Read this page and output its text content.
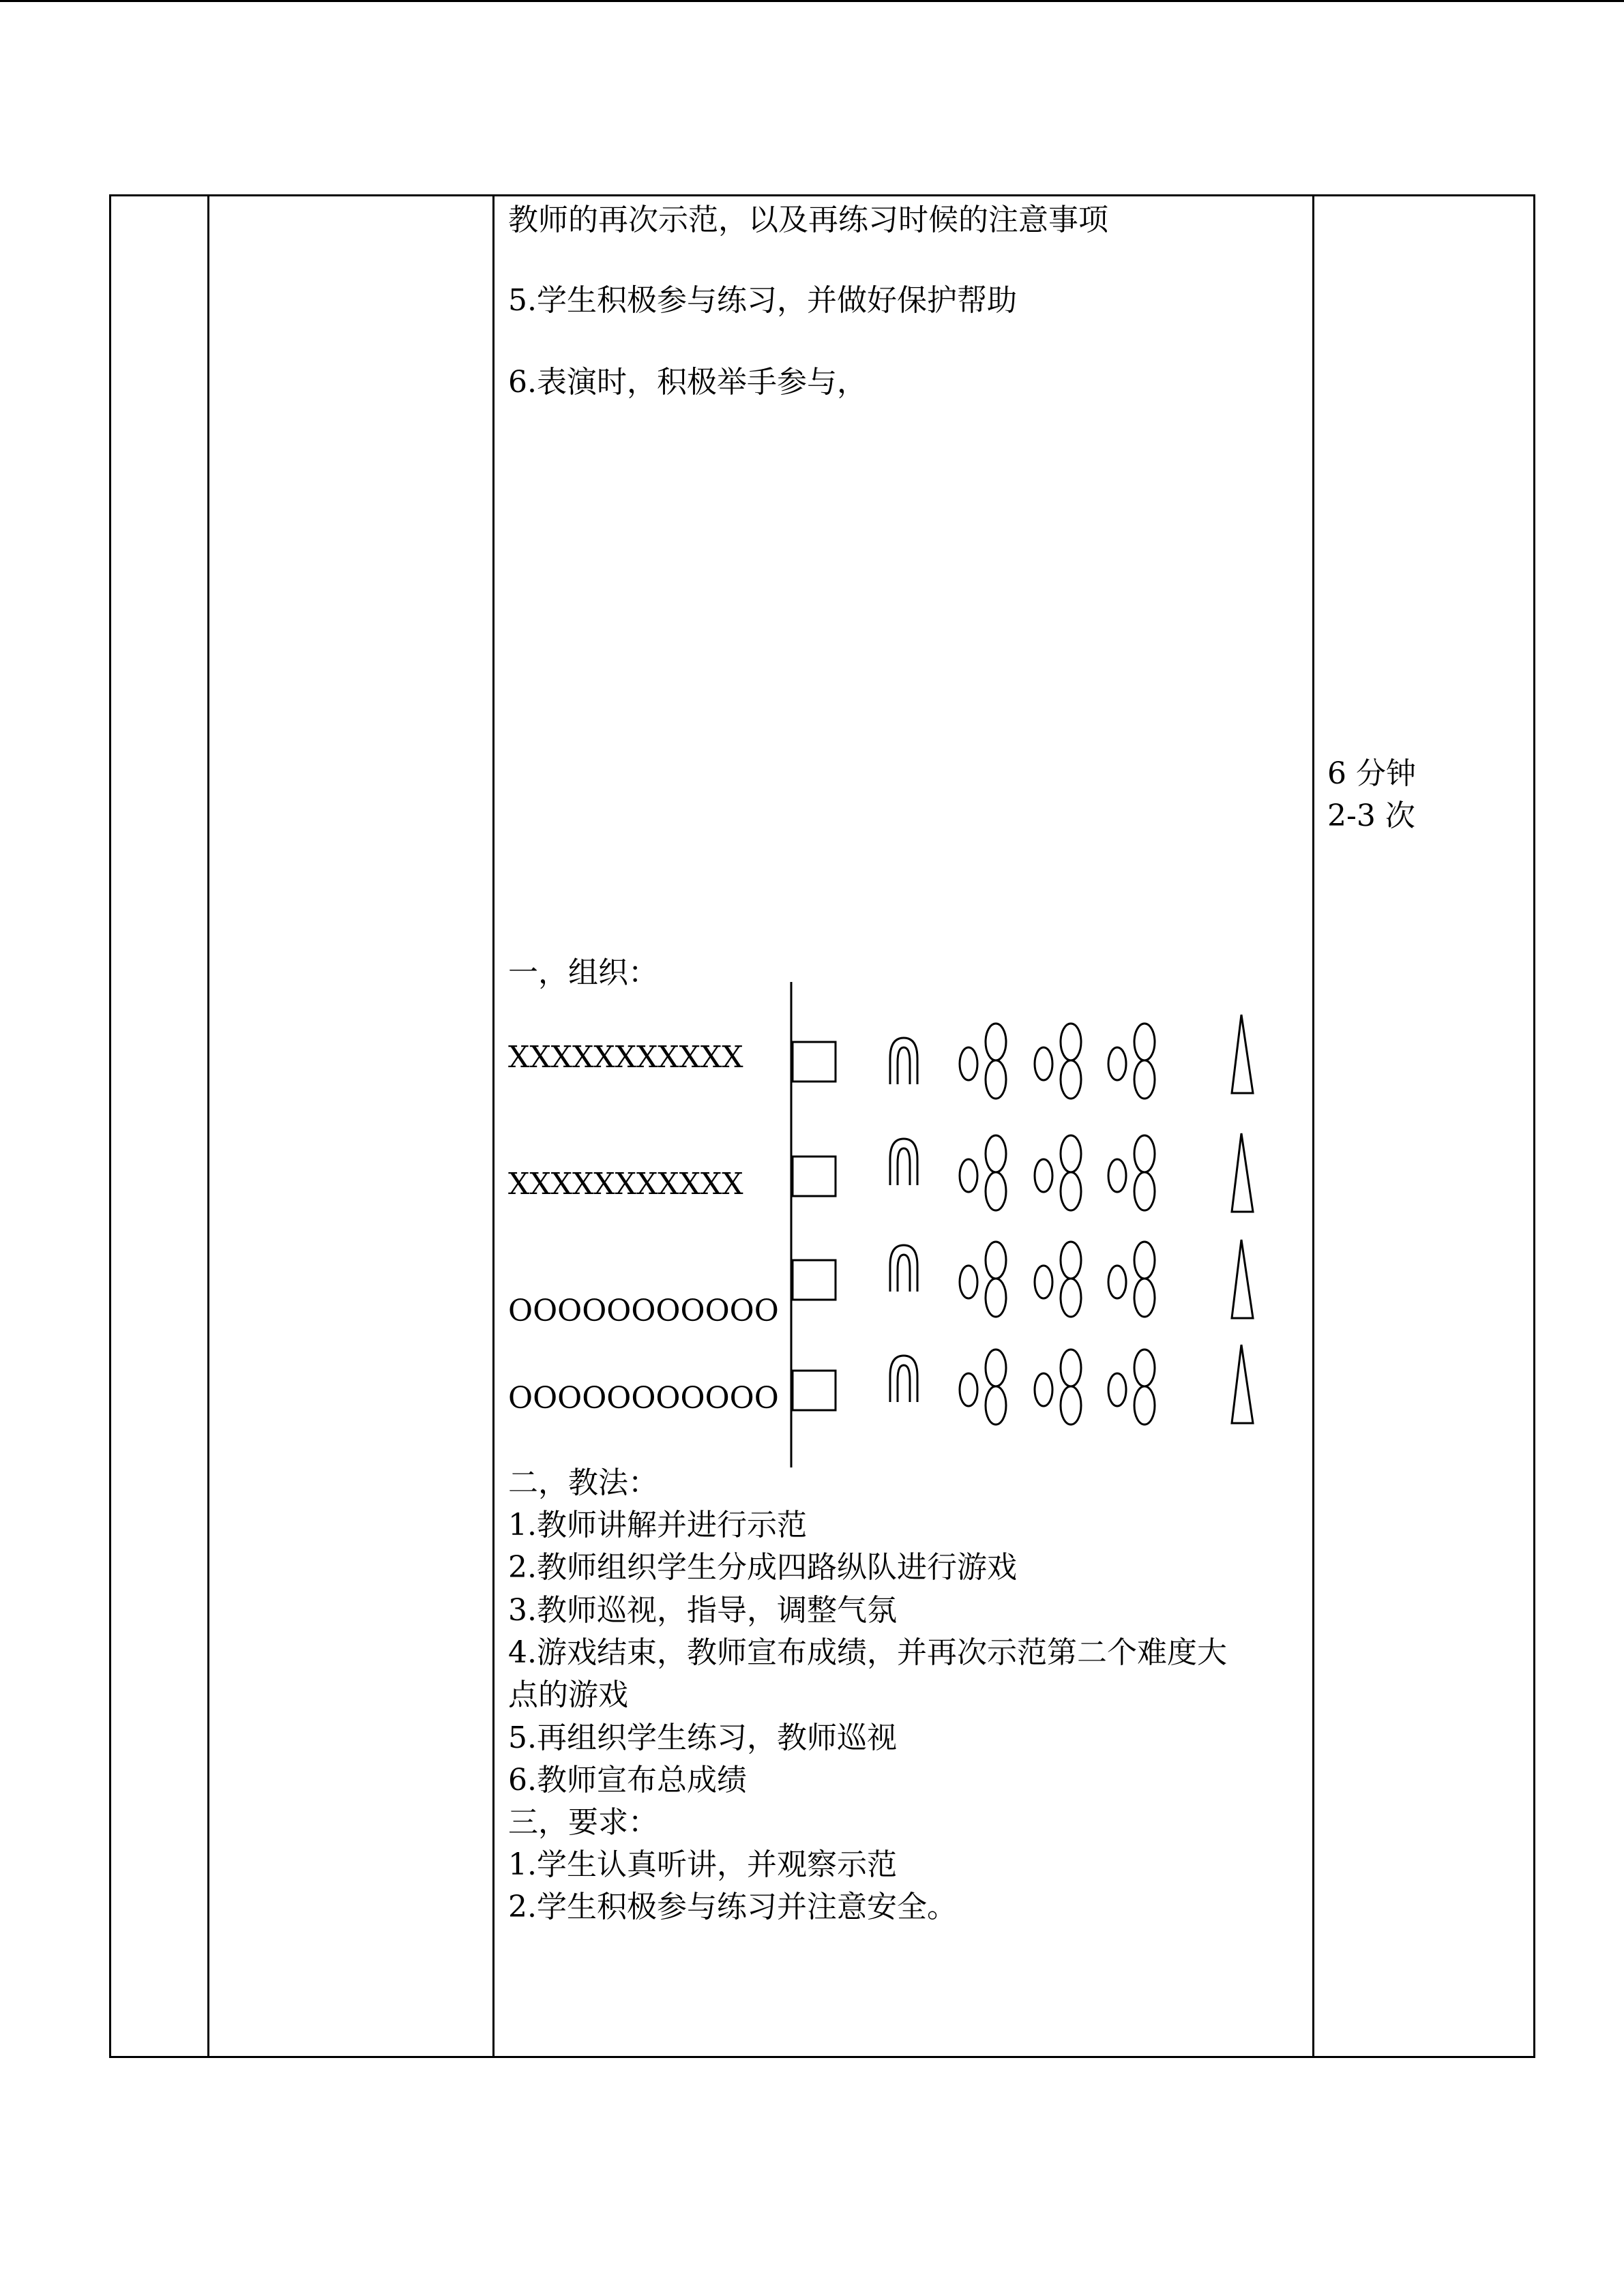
教师的再次示范，以及再练习时候的注意事项
5.学生积极参与练习，并做好保护帮助
6.表演时，积极举手参与，
6 分钟
2-3 次
一，组织：
XXXXXXXXXXX
XXXXXXXXXXX
OOOOOOOOOOO
OOOOOOOOOOO
二，教法：
1.教师讲解并进行示范
2.教师组织学生分成四路纵队进行游戏
3.教师巡视，指导，调整气氛
4.游戏结束，教师宣布成绩，并再次示范第二个难度大
点的游戏
5.再组织学生练习，教师巡视
6.教师宣布总成绩
三，要求：
1.学生认真听讲，并观察示范
2.学生积极参与练习并注意安全。
